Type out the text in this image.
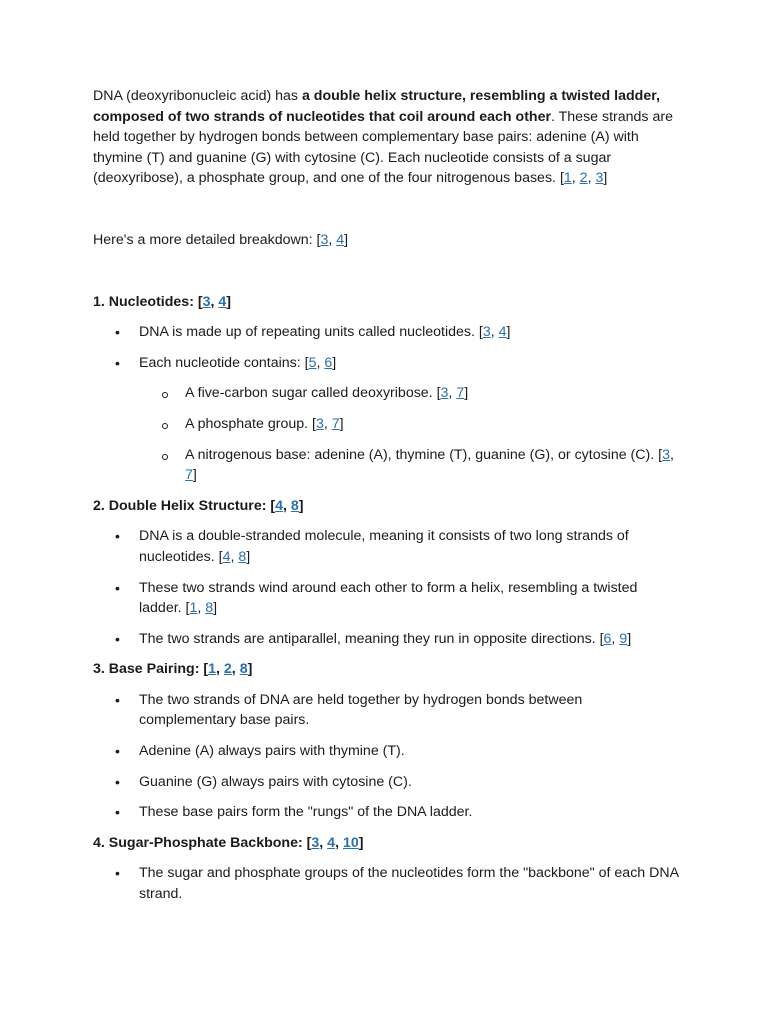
DNA (deoxyribonucleic acid) has a double helix structure, resembling a twisted ladder, composed of two strands of nucleotides that coil around each other. These strands are held together by hydrogen bonds between complementary base pairs: adenine (A) with thymine (T) and guanine (G) with cytosine (C). Each nucleotide consists of a sugar (deoxyribose), a phosphate group, and one of the four nitrogenous bases. [1, 2, 3]

Here's a more detailed breakdown: [3, 4]

1. Nucleotides: [3, 4]

• DNA is made up of repeating units called nucleotides. [3, 4]
• Each nucleotide contains: [5, 6]
A five-carbon sugar called deoxyribose. [3, 7]
A phosphate group. [3, 7]
A nitrogenous base: adenine (A), thymine (T), guanine (G), or cytosine (C). [3, 7]

2. Double Helix Structure: [4, 8]

• DNA is a double-stranded molecule, meaning it consists of two long strands of nucleotides. [4, 8]
• These two strands wind around each other to form a helix, resembling a twisted ladder. [1, 8]
• The two strands are antiparallel, meaning they run in opposite directions. [6, 9]

3. Base Pairing: [1, 2, 8]

• The two strands of DNA are held together by hydrogen bonds between complementary base pairs.
• Adenine (A) always pairs with thymine (T).
• Guanine (G) always pairs with cytosine (C).
• These base pairs form the "rungs" of the DNA ladder.

4. Sugar-Phosphate Backbone: [3, 4, 10]

• The sugar and phosphate groups of the nucleotides form the "backbone" of each DNA strand.
